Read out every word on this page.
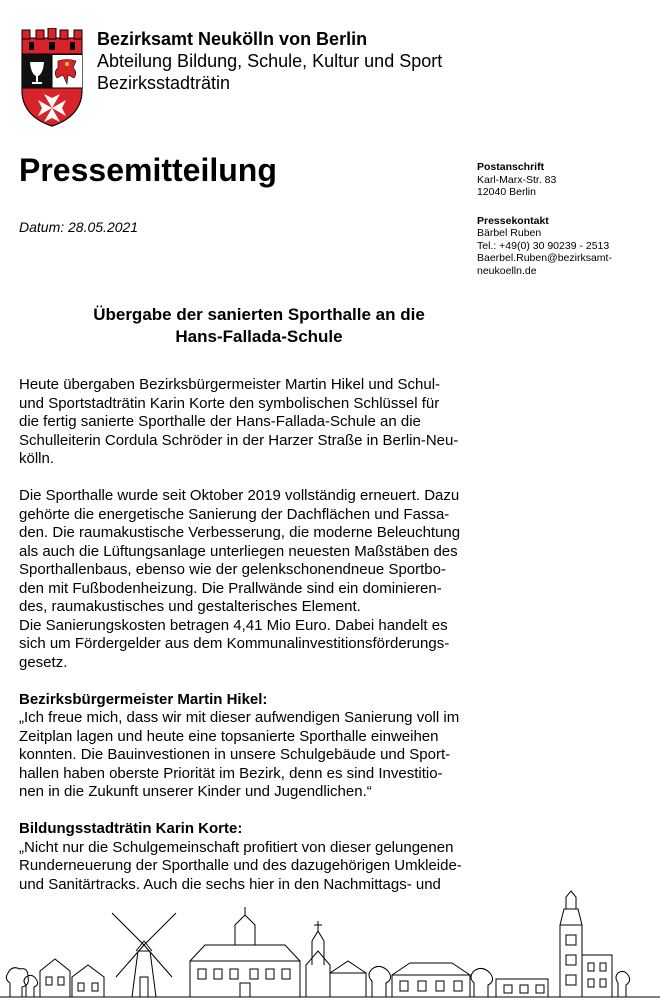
Bezirksamt Neukölln von Berlin
Abteilung Bildung, Schule, Kultur und Sport
Bezirksstadträtin
Pressemitteilung
Datum: 28.05.2021
Postanschrift
Karl-Marx-Str. 83
12040 Berlin
Pressekontakt
Bärbel Ruben
Tel.: +49(0) 30 90239 - 2513
Baerbel.Ruben@bezirksamt-
neukoelln.de
Übergabe der sanierten Sporthalle an die
Hans-Fallada-Schule

Heute übergaben Bezirksbürgermeister Martin Hikel und Schul-
und Sportstadträtin Karin Korte den symbolischen Schlüssel für
die fertig sanierte Sporthalle der Hans-Fallada-Schule an die
Schulleiterin Cordula Schröder in der Harzer Straße in Berlin-Neu-
kölln.

Die Sporthalle wurde seit Oktober 2019 vollständig erneuert. Dazu
gehörte die energetische Sanierung der Dachflächen und Fassa-
den. Die raumakustische Verbesserung, die moderne Beleuchtung
als auch die Lüftungsanlage unterliegen neuesten Maßstäben des
Sporthallenbaus, ebenso wie der gelenkschonendneue Sportbo-
den mit Fußbodenheizung. Die Prallwände sind ein dominieren-
des, raumakustisches und gestalterisches Element.
Die Sanierungskosten betragen 4,41 Mio Euro. Dabei handelt es
sich um Fördergelder aus dem Kommunalinvestitionsförderungs-
gesetz.

Bezirksbürgermeister Martin Hikel:
„Ich freue mich, dass wir mit dieser aufwendigen Sanierung voll im
Zeitplan lagen und heute eine topsanierte Sporthalle einweihen
konnten. Die Bauinvestionen in unsere Schulgebäude und Sport-
hallen haben oberste Priorität im Bezirk, denn es sind Investitio-
nen in die Zukunft unserer Kinder und Jugendlichen.“

Bildungsstadträtin Karin Korte:
„Nicht nur die Schulgemeinschaft profitiert von dieser gelungenen
Runderneuerung der Sporthalle und des dazugehörigen Umkleide-
und Sanitärtracks. Auch die sechs hier in den Nachmittags- und
